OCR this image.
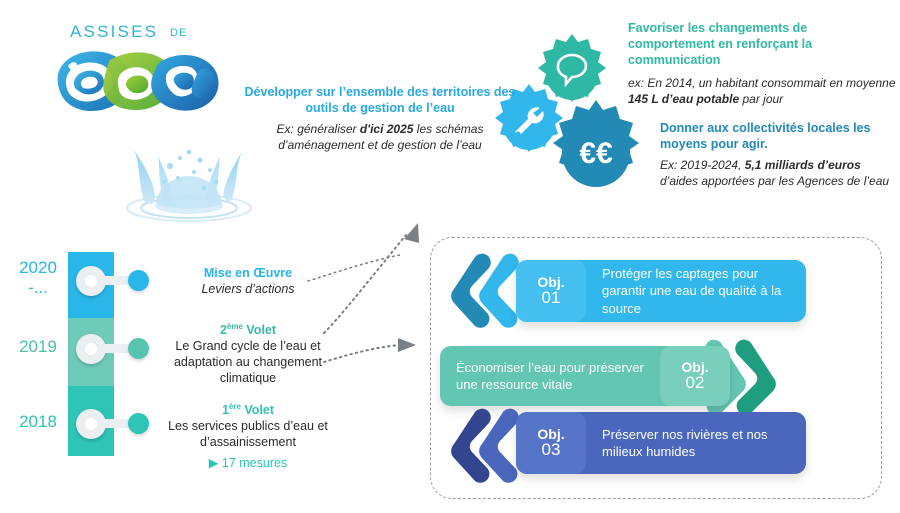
ASSISES DE
€€
Développer sur l’ensemble des territoires des outils de gestion de l’eau
Ex: généraliser d'ici 2025 les schémas d’aménagement et de gestion de l’eau
Favoriser les changements de comportement en renforçant la communication
ex: En 2014, un habitant consommait en moyenne 145 L d’eau potable par jour
Donner aux collectivités locales les moyens pour agir.
Ex: 2019-2024, 5,1 milliards d’euros d’aides apportées par les Agences de l’eau
2020
-...
Mise en Œuvre
Leviers d’actions
2019
2ème Volet
Le Grand cycle de l’eau et adaptation au changement climatique
2018
1ère Volet
Les services publics d’eau et d’assainissement
▶ 17 mesures
Obj.
01
Protéger les captages pour garantir une eau de qualité à la source
Obj.
02
Économiser l’eau pour préserver une ressource vitale
Obj.
03
Préserver nos rivières et nos milieux humides
